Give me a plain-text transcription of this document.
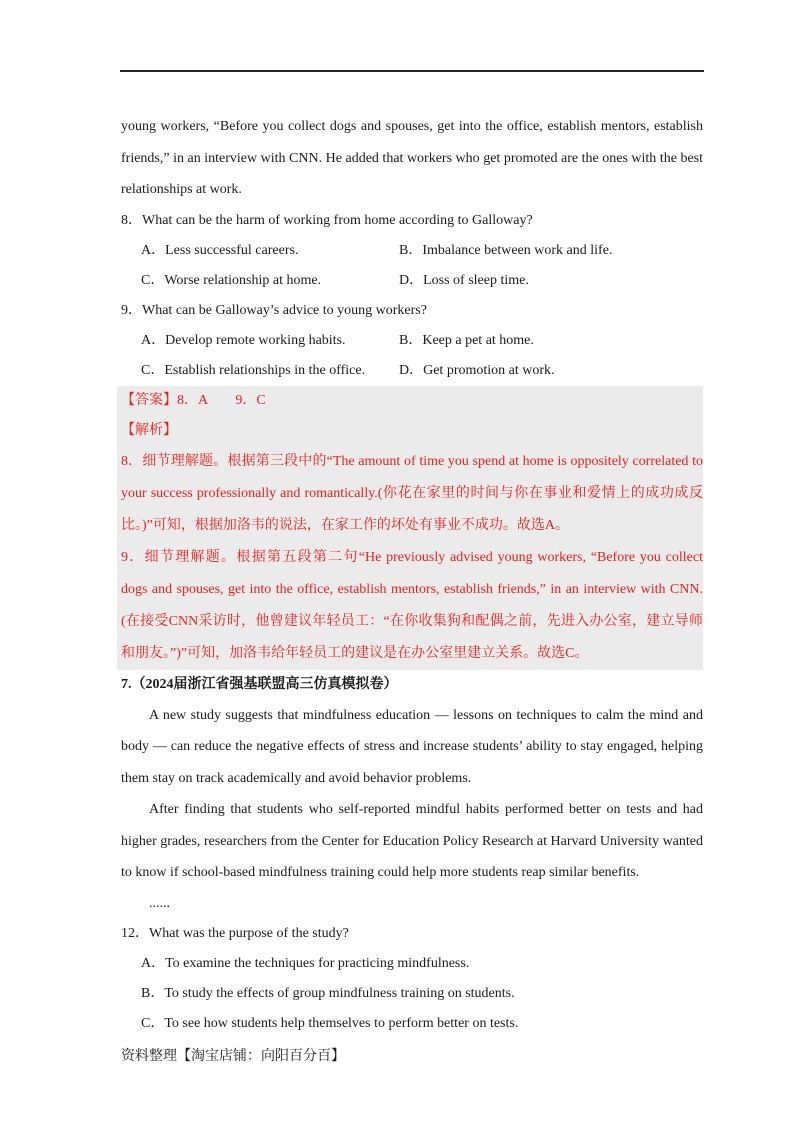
young workers, “Before you collect dogs and spouses, get into the office, establish mentors, establish friends,” in an interview with CNN. He added that workers who get promoted are the ones with the best relationships at work.

8．What can be the harm of working from home according to Galloway?

A．Less successful careers.	B．Imbalance between work and life.
C．Worse relationship at home.	D．Loss of sleep time.

9．What can be Galloway’s advice to young workers?

A．Develop remote working habits.	B．Keep a pet at home.
C．Establish relationships in the office.	D．Get promotion at work.
【答案】8．A　　9．C
【解析】
8．细节理解题。根据第三段中的“The amount of time you spend at home is oppositely correlated to your success professionally and romantically.(你花在家里的时间与你在事业和爱情上的成功成反比。)”可知，根据加洛韦的说法，在家工作的坏处有事业不成功。故选A。
9．细节理解题。根据第五段第二句“He previously advised young workers, “Before you collect dogs and spouses, get into the office, establish mentors, establish friends,” in an interview with CNN. (在接受CNN采访时，他曾建议年轻员工：“在你收集狗和配偶之前，先进入办公室，建立导师和朋友。”)”可知，加洛韦给年轻员工的建议是在办公室里建立关系。故选C。
7.（2024届浙江省强基联盟高三仿真模拟卷）

A new study suggests that mindfulness education — lessons on techniques to calm the mind and body — can reduce the negative effects of stress and increase students’ ability to stay engaged, helping them stay on track academically and avoid behavior problems.

After finding that students who self-reported mindful habits performed better on tests and had higher grades, researchers from the Center for Education Policy Research at Harvard University wanted to know if school-based mindfulness training could help more students reap similar benefits.

......

12．What was the purpose of the study?

A．To examine the techniques for practicing mindfulness.
B．To study the effects of group mindfulness training on students.
C．To see how students help themselves to perform better on tests.
资料整理【淘宝店铺：向阳百分百】
